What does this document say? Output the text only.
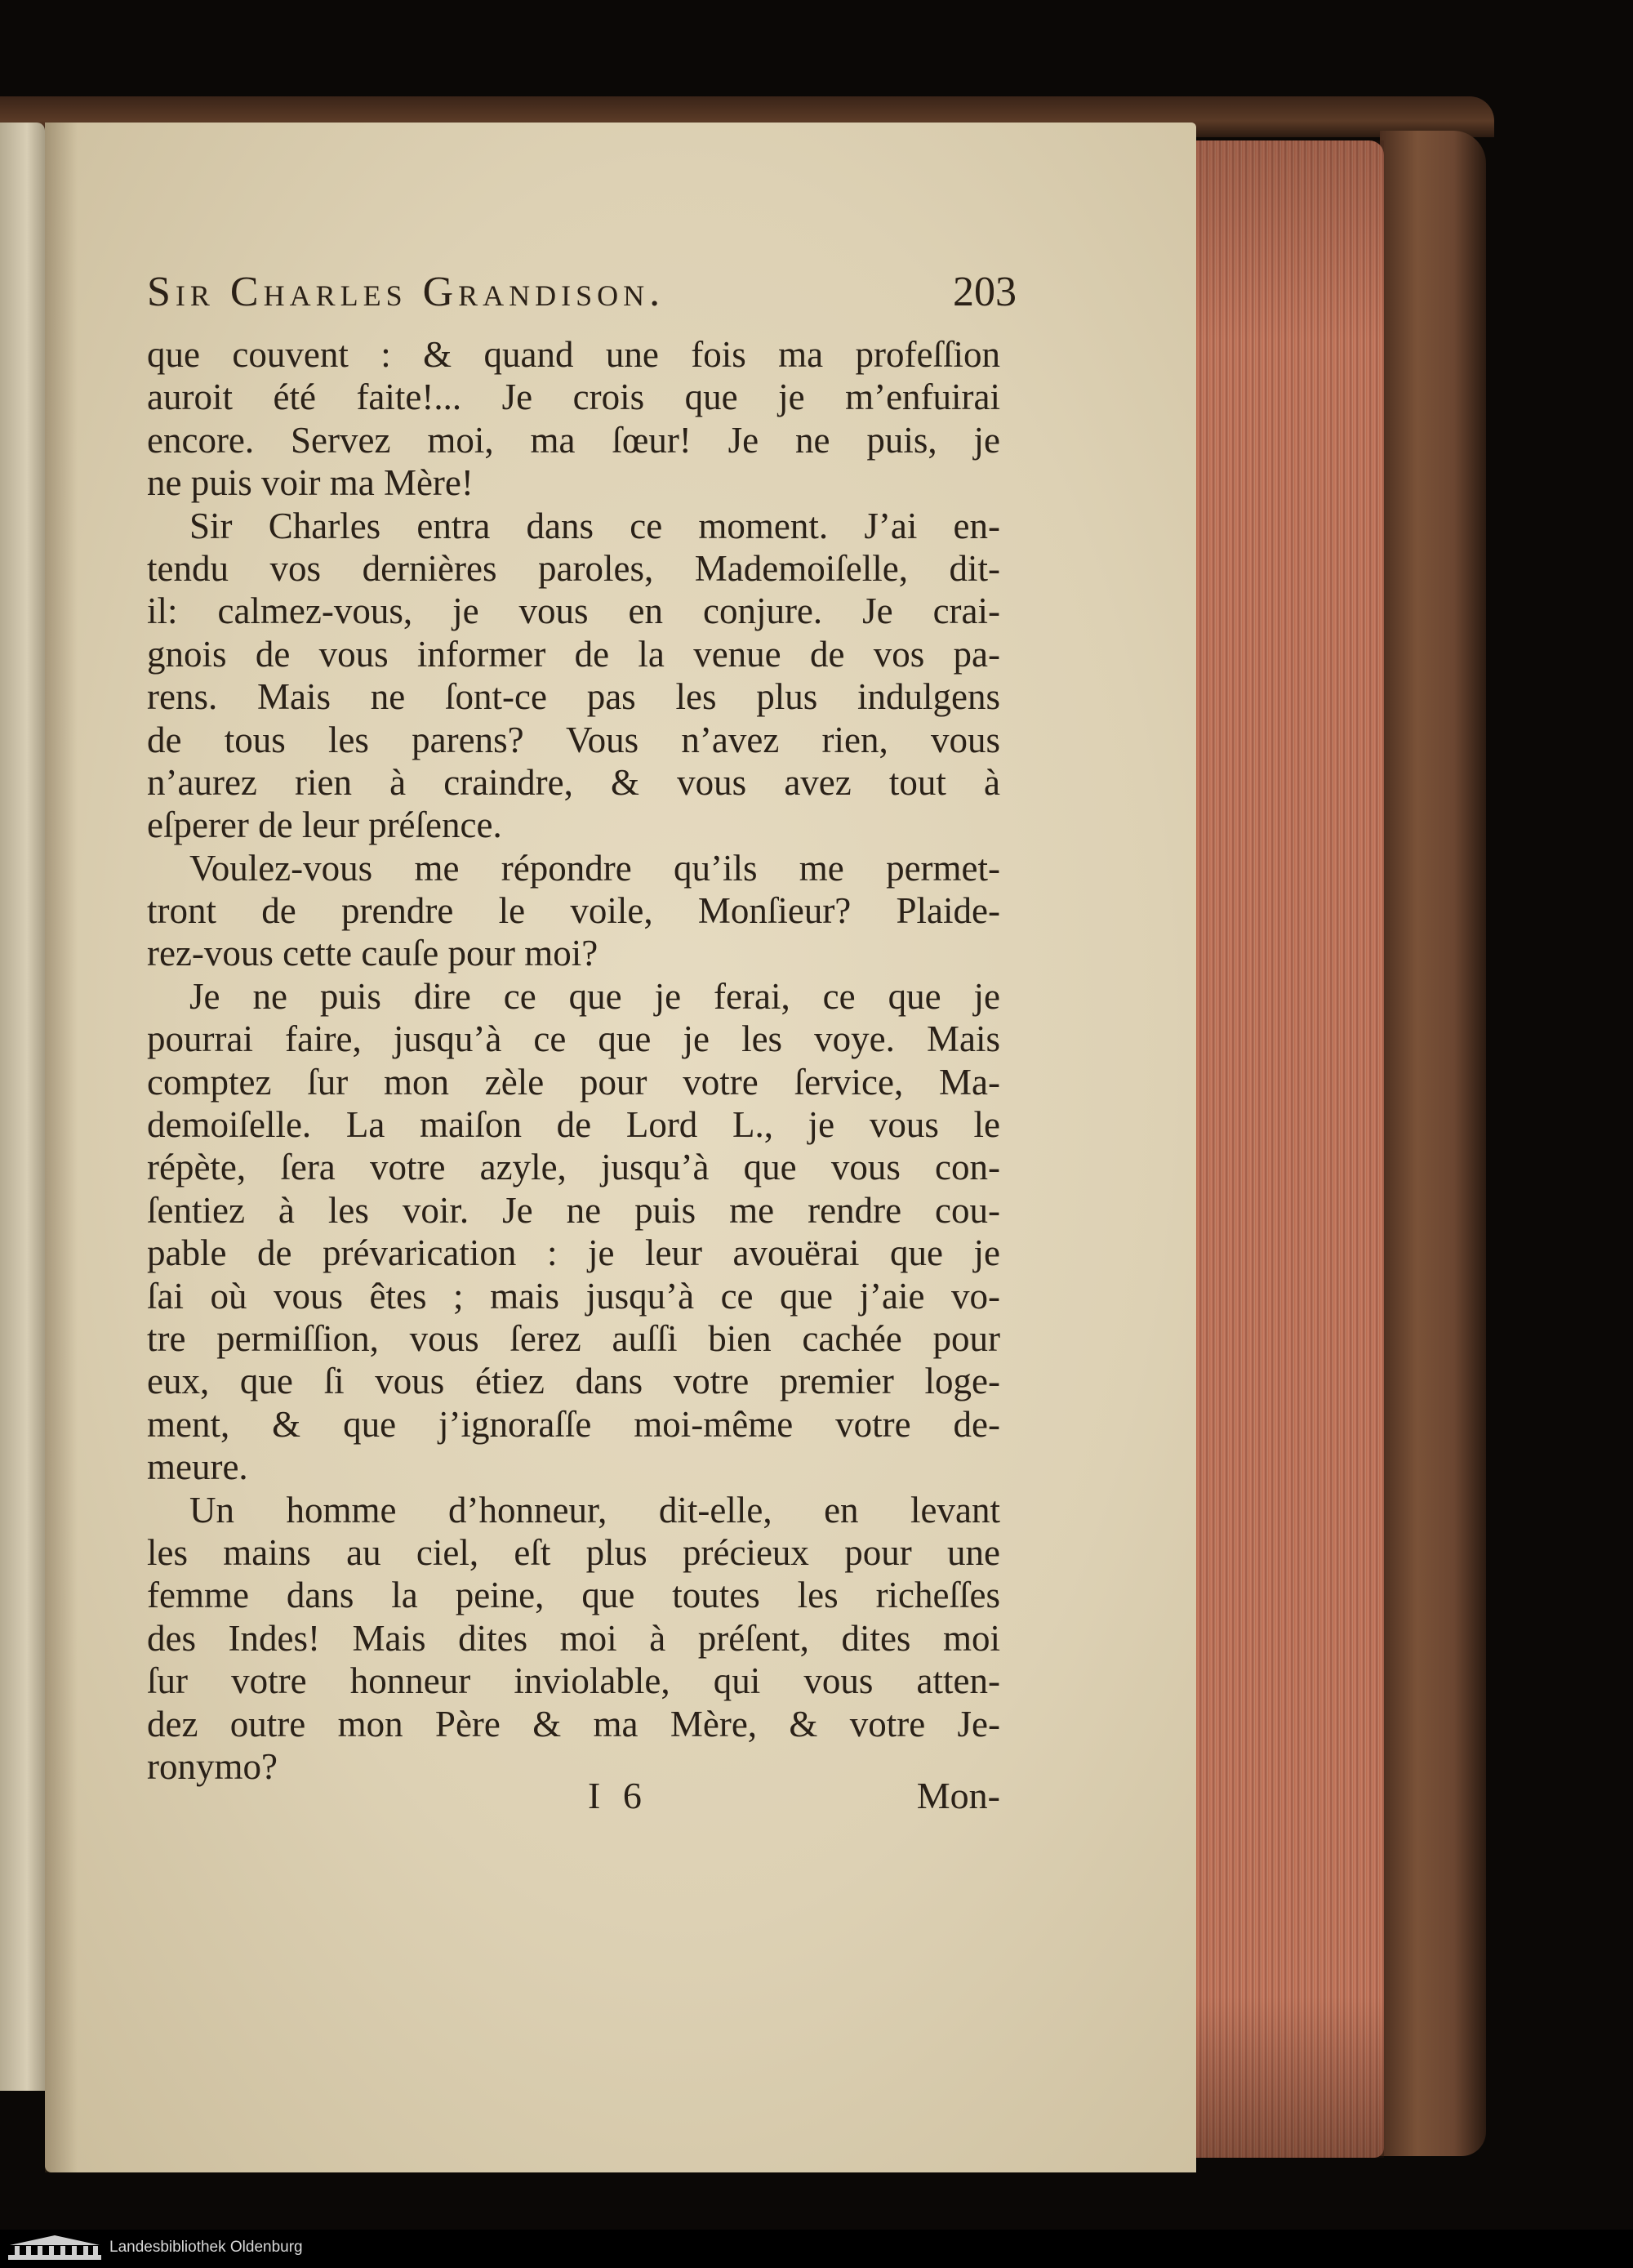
Sir Charles Grandison.	203
que couvent : & quand une fois ma profeſſion
auroit été faite!... Je crois que je m’enfuirai
encore. Servez moi, ma ſœur! Je ne puis, je
ne puis voir ma Mère!
Sir Charles entra dans ce moment. J’ai en-
tendu vos dernières paroles, Mademoiſelle, dit-
il: calmez-vous, je vous en conjure. Je crai-
gnois de vous informer de la venue de vos pa-
rens. Mais ne ſont-ce pas les plus indulgens
de tous les parens? Vous n’avez rien, vous
n’aurez rien à craindre, & vous avez tout à
eſperer de leur préſence.
Voulez-vous me répondre qu’ils me permet-
tront de prendre le voile, Monſieur? Plaide-
rez-vous cette cauſe pour moi?
Je ne puis dire ce que je ferai, ce que je
pourrai faire, jusqu’à ce que je les voye. Mais
comptez ſur mon zèle pour votre ſervice, Ma-
demoiſelle. La maiſon de Lord L., je vous le
répète, ſera votre azyle, jusqu’à que vous con-
ſentiez à les voir. Je ne puis me rendre cou-
pable de prévarication : je leur avouërai que je
ſai où vous êtes ; mais jusqu’à ce que j’aie vo-
tre permiſſion, vous ſerez auſſi bien cachée pour
eux, que ſi vous étiez dans votre premier loge-
ment, & que j’ignoraſſe moi-même votre de-
meure.
Un homme d’honneur, dit-elle, en levant
les mains au ciel, eſt plus précieux pour une
femme dans la peine, que toutes les richeſſes
des Indes! Mais dites moi à préſent, dites moi
ſur votre honneur inviolable, qui vous atten-
dez outre mon Père & ma Mère, & votre Je-
ronymo?
I 6	Mon-
Landesbibliothek Oldenburg
